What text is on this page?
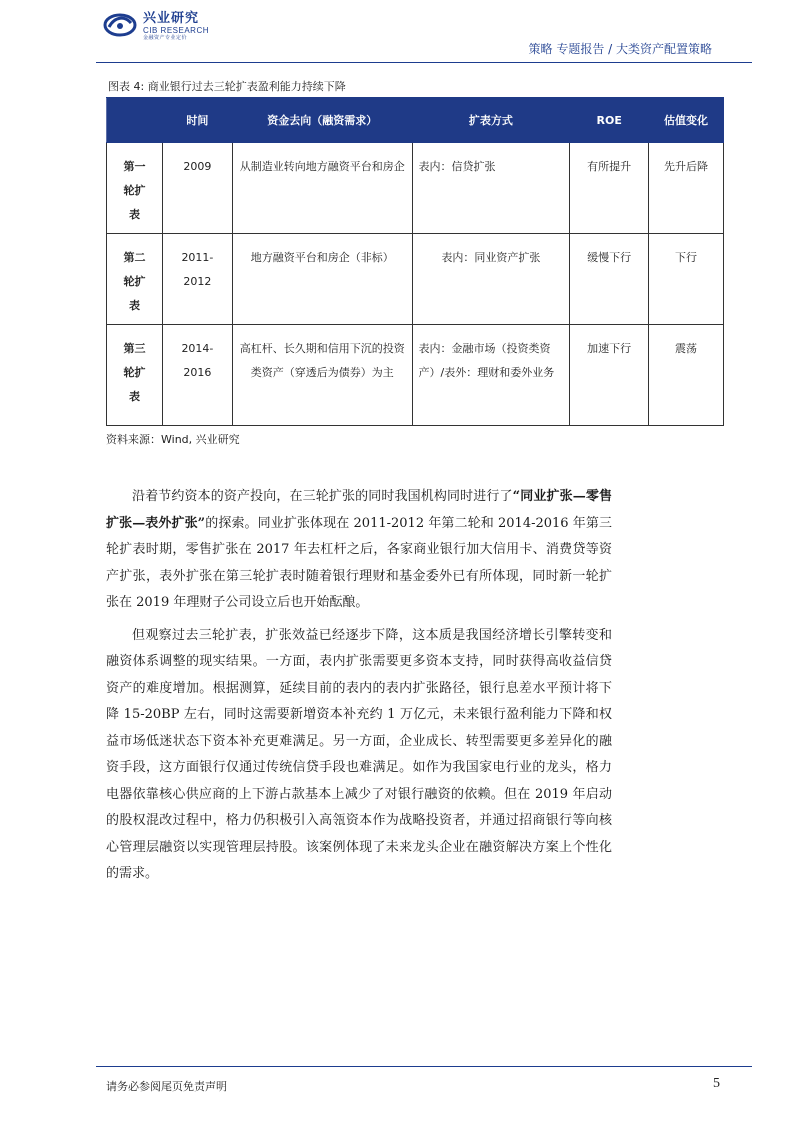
兴业研究
CIB RESEARCH
金融资产专业定价
策略 专题报告 / 大类资产配置策略
图表 4: 商业银行过去三轮扩表盈利能力持续下降
	时间	资金去向（融资需求）	扩表方式	ROE	估值变化
第一轮扩表	2009	从制造业转向地方融资平台和房企	表内：信贷扩张	有所提升	先升后降
第二轮扩表	2011-2012	地方融资平台和房企（非标）	表内：同业资产扩张	缓慢下行	下行
第三轮扩表	2014-2016	高杠杆、长久期和信用下沉的投资类资产（穿透后为债券）为主	表内：金融市场（投资类资产）/表外：理财和委外业务	加速下行	震荡
资料来源：Wind, 兴业研究

沿着节约资本的资产投向，在三轮扩张的同时我国机构同时进行了“同业扩张—零售扩张—表外扩张”的探索。同业扩张体现在 2011-2012 年第二轮和 2014-2016 年第三轮扩表时期，零售扩张在 2017 年去杠杆之后，各家商业银行加大信用卡、消费贷等资产扩张，表外扩张在第三轮扩表时随着银行理财和基金委外已有所体现，同时新一轮扩张在 2019 年理财子公司设立后也开始酝酿。

但观察过去三轮扩表，扩张效益已经逐步下降，这本质是我国经济增长引擎转变和融资体系调整的现实结果。一方面，表内扩张需要更多资本支持，同时获得高收益信贷资产的难度增加。根据测算，延续目前的表内的表内扩张路径，银行息差水平预计将下降 15-20BP 左右，同时这需要新增资本补充约 1 万亿元，未来银行盈利能力下降和权益市场低迷状态下资本补充更难满足。另一方面，企业成长、转型需要更多差异化的融资手段，这方面银行仅通过传统信贷手段也难满足。如作为我国家电行业的龙头，格力电器依靠核心供应商的上下游占款基本上减少了对银行融资的依赖。但在 2019 年启动的股权混改过程中，格力仍积极引入高瓴资本作为战略投资者，并通过招商银行等向核心管理层融资以实现管理层持股。该案例体现了未来龙头企业在融资解决方案上个性化的需求。

请务必参阅尾页免责声明	5
